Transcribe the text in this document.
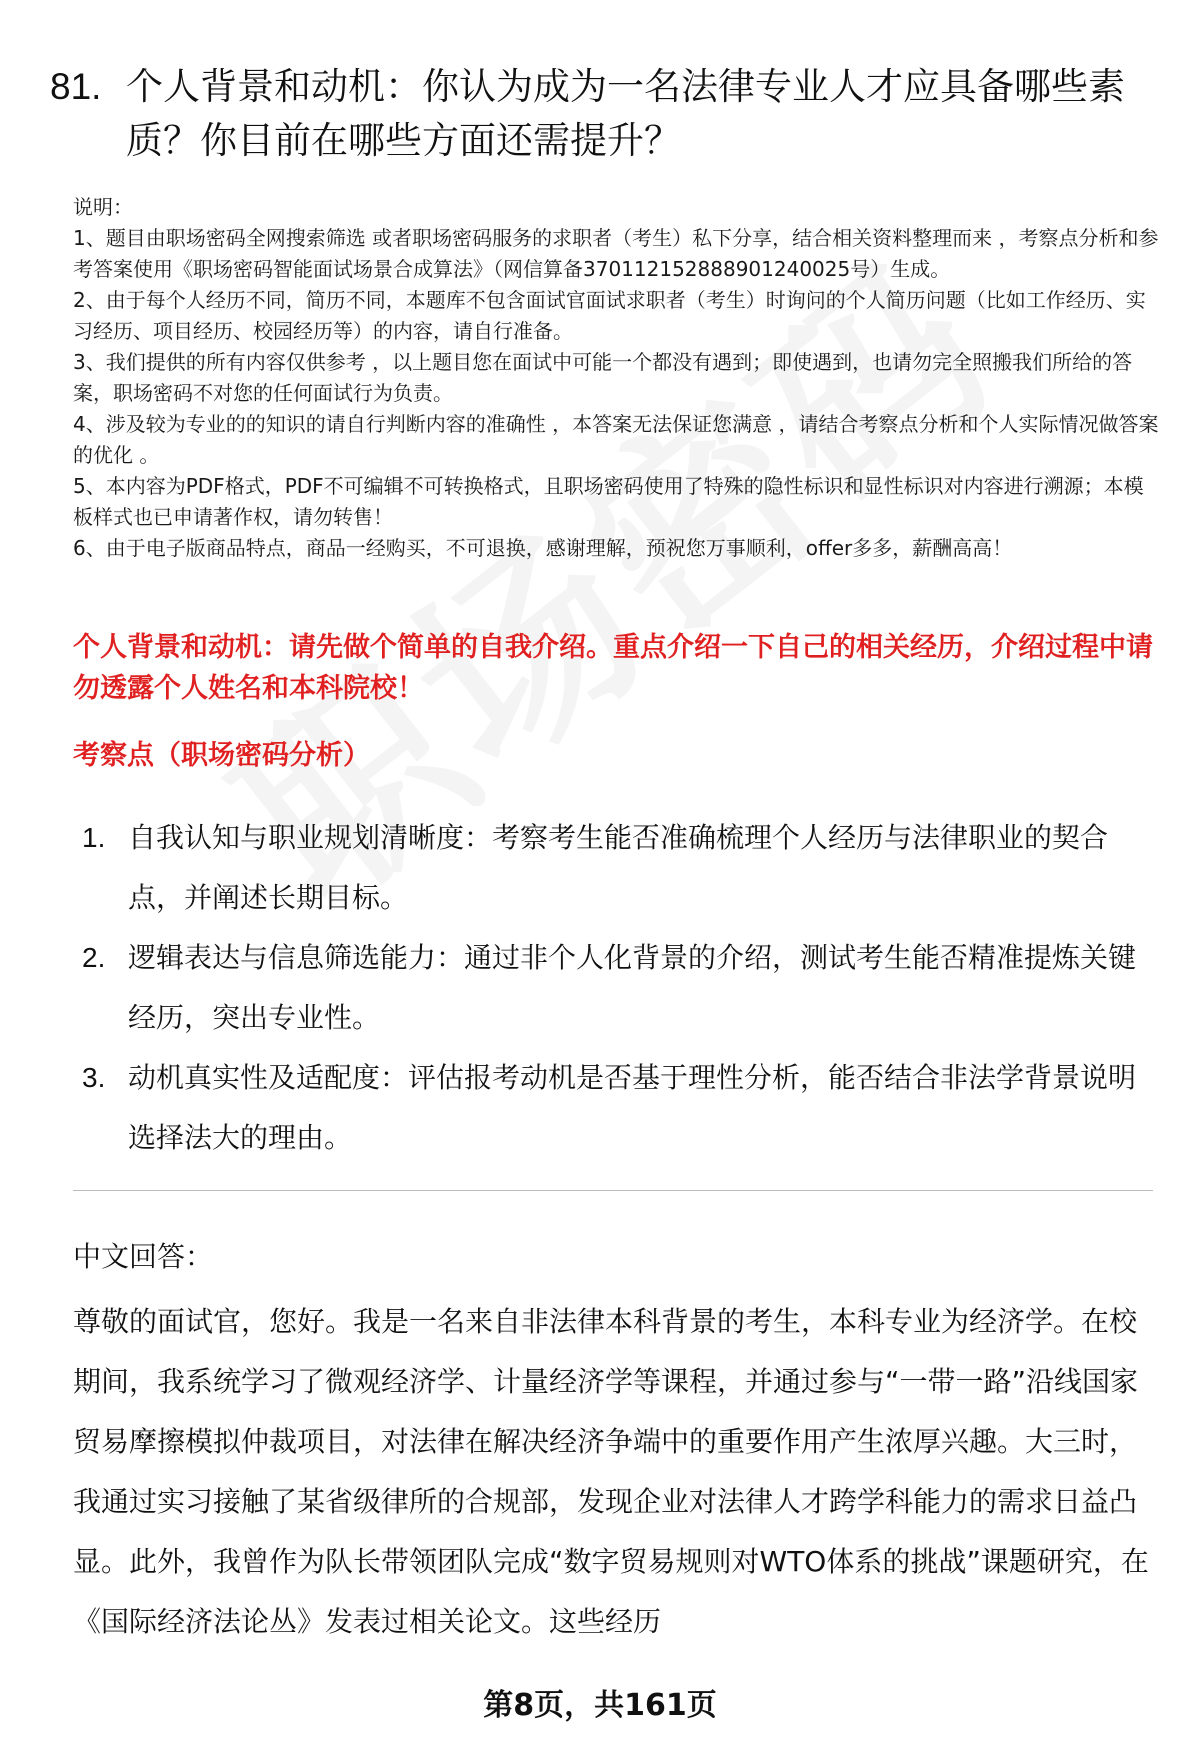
81. 个人背景和动机：你认为成为一名法律专业人才应具备哪些素质？你目前在哪些方面还需提升？

说明：

1、题目由职场密码全网搜索筛选 或者职场密码服务的求职者（考生）私下分享，结合相关资料整理而来 ，考察点分析和参考答案使用《职场密码智能面试场景合成算法》（网信算备370112152888901240025号）生成。

2、由于每个人经历不同，简历不同，本题库不包含面试官面试求职者（考生）时询问的个人简历问题（比如工作经历、实习经历、项目经历、校园经历等）的内容，请自行准备。

3、我们提供的所有内容仅供参考 ，以上题目您在面试中可能一个都没有遇到；即使遇到，也请勿完全照搬我们所给的答案，职场密码不对您的任何面试行为负责。

4、涉及较为专业的的知识的请自行判断内容的准确性 ，本答案无法保证您满意 ，请结合考察点分析和个人实际情况做答案的优化 。

5、本内容为PDF格式，PDF不可编辑不可转换格式，且职场密码使用了特殊的隐性标识和显性标识对内容进行溯源；本模板样式也已申请著作权，请勿转售！

6、由于电子版商品特点，商品一经购买，不可退换，感谢理解，预祝您万事顺利，offer多多，薪酬高高！

个人背景和动机：请先做个简单的自我介绍。重点介绍一下自己的相关经历，介绍过程中请勿透露个人姓名和本科院校！
考察点（职场密码分析）
1. 自我认知与职业规划清晰度：考察考生能否准确梳理个人经历与法律职业的契合点，并阐述长期目标。
2. 逻辑表达与信息筛选能力：通过非个人化背景的介绍，测试考生能否精准提炼关键经历，突出专业性。
3. 动机真实性及适配度：评估报考动机是否基于理性分析，能否结合非法学背景说明选择法大的理由。
中文回答：
尊敬的面试官，您好。我是一名来自非法律本科背景的考生，本科专业为经济学。在校期间，我系统学习了微观经济学、计量经济学等课程，并通过参与“一带一路”沿线国家贸易摩擦模拟仲裁项目，对法律在解决经济争端中的重要作用产生浓厚兴趣。大三时，我通过实习接触了某省级律所的合规部，发现企业对法律人才跨学科能力的需求日益凸显。此外，我曾作为队长带领团队完成“数字贸易规则对WTO体系的挑战”课题研究，在《国际经济法论丛》发表过相关论文。这些经历
第8页，共161页
